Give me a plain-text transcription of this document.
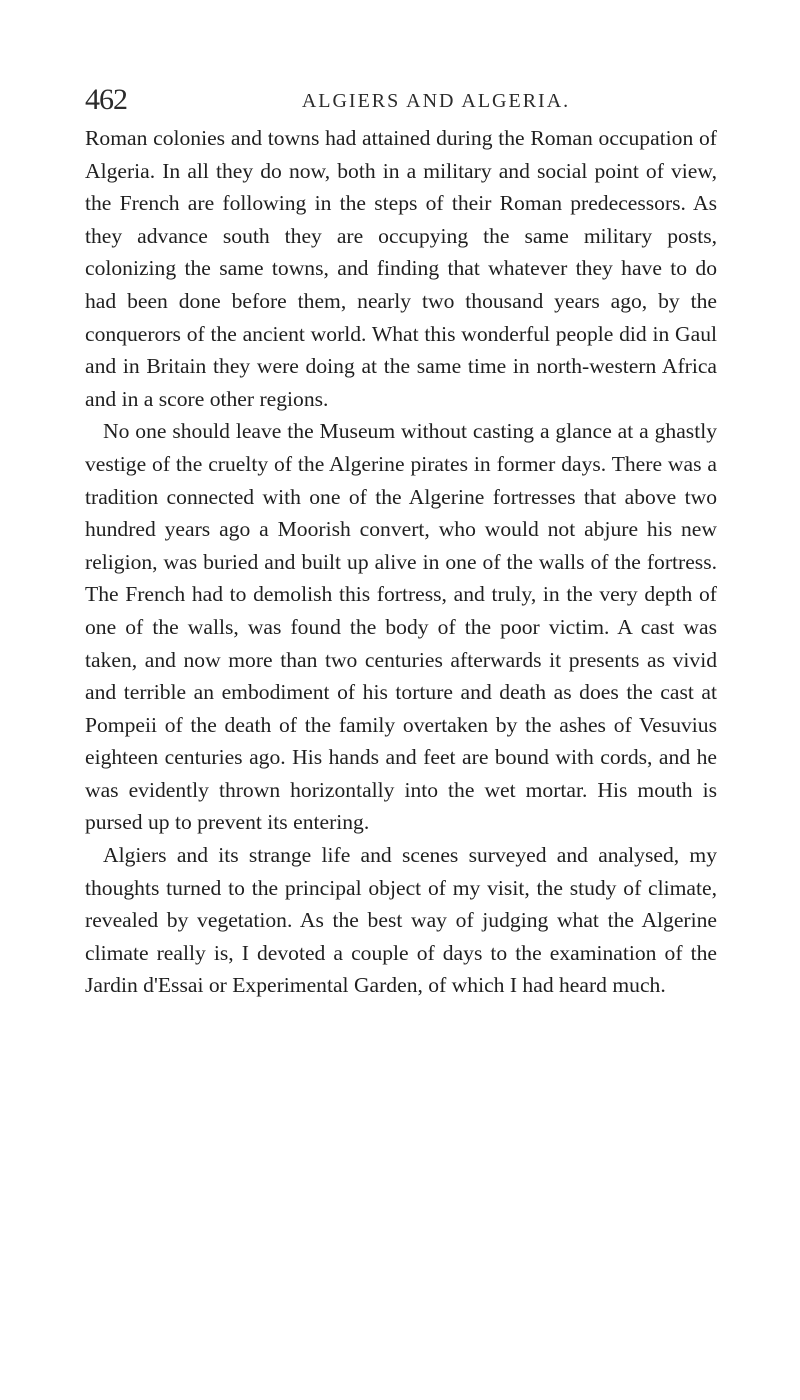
462	ALGIERS AND ALGERIA.

Roman colonies and towns had attained during the Roman occupation of Algeria. In all they do now, both in a military and social point of view, the French are following in the steps of their Roman predecessors. As they advance south they are occupying the same military posts, colonizing the same towns, and finding that whatever they have to do had been done before them, nearly two thousand years ago, by the conquerors of the ancient world. What this wonderful people did in Gaul and in Britain they were doing at the same time in north-western Africa and in a score other regions.

No one should leave the Museum without casting a glance at a ghastly vestige of the cruelty of the Algerine pirates in former days. There was a tradition connected with one of the Algerine fortresses that above two hundred years ago a Moorish convert, who would not abjure his new religion, was buried and built up alive in one of the walls of the fortress. The French had to demolish this fortress, and truly, in the very depth of one of the walls, was found the body of the poor victim. A cast was taken, and now more than two centuries afterwards it presents as vivid and terrible an embodiment of his torture and death as does the cast at Pompeii of the death of the family overtaken by the ashes of Vesuvius eighteen centuries ago. His hands and feet are bound with cords, and he was evidently thrown horizontally into the wet mortar. His mouth is pursed up to prevent its entering.

Algiers and its strange life and scenes surveyed and analysed, my thoughts turned to the principal object of my visit, the study of climate, revealed by vegetation. As the best way of judging what the Algerine climate really is, I devoted a couple of days to the examination of the Jardin d'Essai or Experimental Garden, of which I had heard much.
